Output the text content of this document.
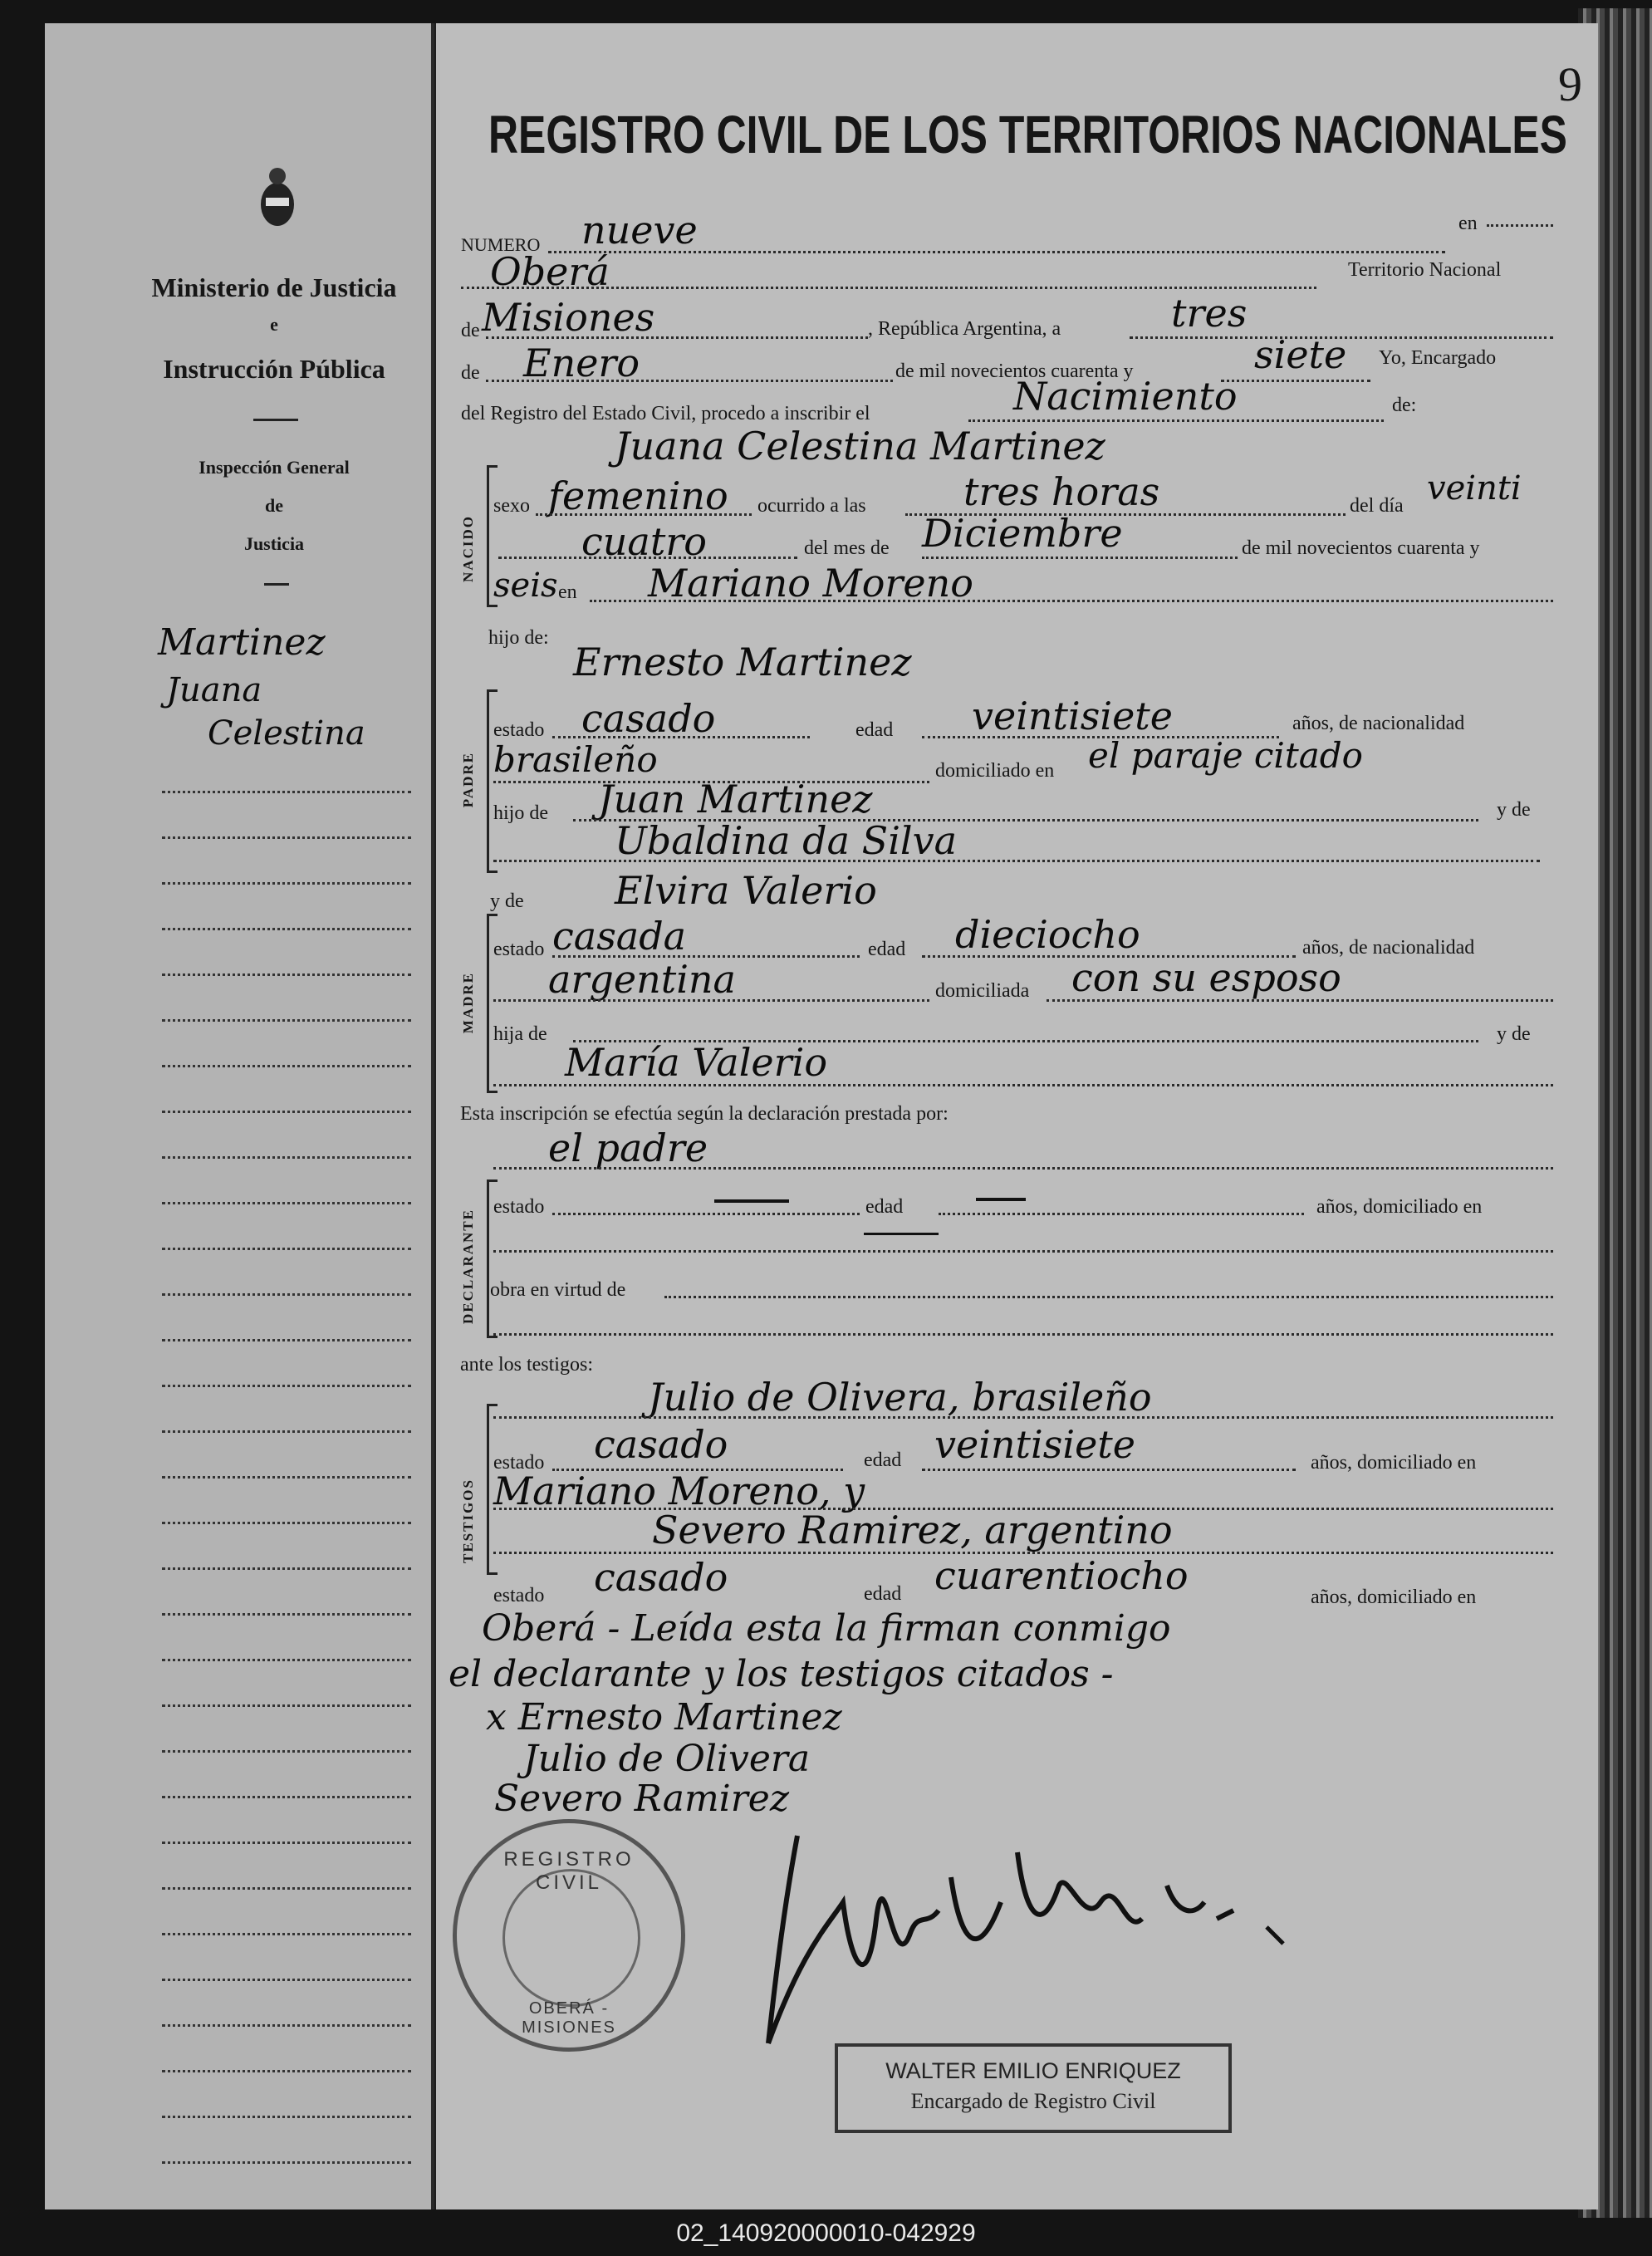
Ministerio de Justicia
e
Instrucción Pública
Inspección General
de
Justicia
Martinez
Juana
Celestina
REGISTRO CIVIL DE LOS TERRITORIOS NACIONALES
9
NUMERO
en
nueve
Oberá	Territorio Nacional
de Misiones	, República Argentina, a	tres
de Enero	de mil novecientos cuarenta y	siete Yo, Encargado
del Registro del Estado Civil, procedo a inscribir el	Nacimiento	de:
Juana Celestina Martinez
NACIDO
sexo femenino ocurrido a las	tres horas	del día veinti
cuatro	del mes de Diciembre	de mil novecientos cuarenta y
seis en Mariano Moreno
hijo de:
Ernesto Martinez
PADRE
estado casado	edad veintisiete	años, de nacionalidad
brasileño	domiciliado en el paraje citado
hijo de Juan Martinez	y de
Ubaldina da Silva
y de Elvira Valerio
MADRE
estado casada	edad dieciocho	años, de nacionalidad
argentina	domiciliada con su esposo
hija de	y de
María Valerio
Esta inscripción se efectúa según la declaración prestada por:
el padre
DECLARANTE
estado	edad	años, domiciliado en
obra en virtud de
ante los testigos:
Julio de Olivera, brasileño
TESTIGOS
estado casado	edad veintisiete	años, domiciliado en
Mariano Moreno, y
Severo Ramirez, argentino
estado casado	edad cuarentiocho	años, domiciliado en
Oberá - Leída esta la firman conmigo
el declarante y los testigos citados -
x Ernesto Martinez
Julio de Olivera
Severo Ramirez
REGISTRO CIVIL
OBERÁ - MISIONES
WALTER EMILIO ENRIQUEZ
Encargado de Registro Civil
02_140920000010-042929
